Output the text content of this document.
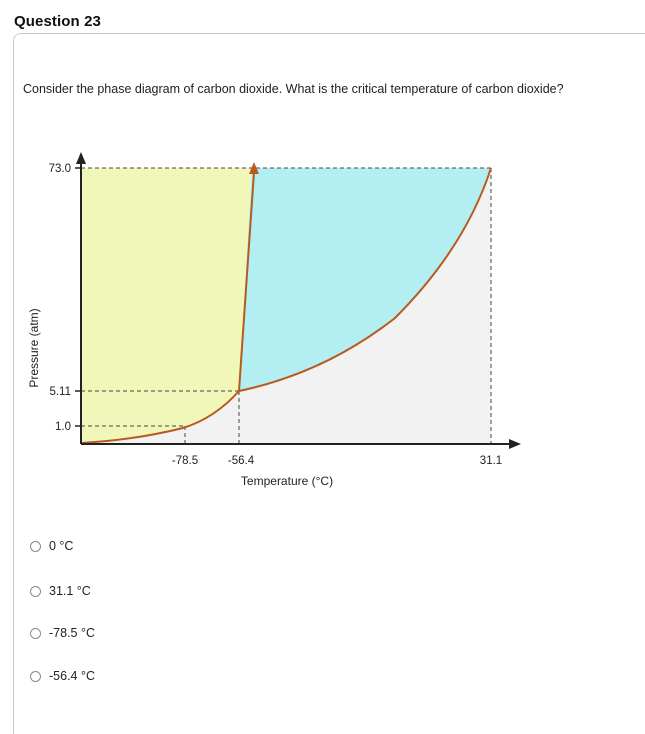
Question 23
Consider the phase diagram of carbon dioxide. What is the critical temperature of carbon dioxide?
Pressure (atm)
73.0
5.11
1.0
-78.5	-56.4	31.1
Temperature (°C)
0 °C
31.1 °C
-78.5 °C
-56.4 °C
